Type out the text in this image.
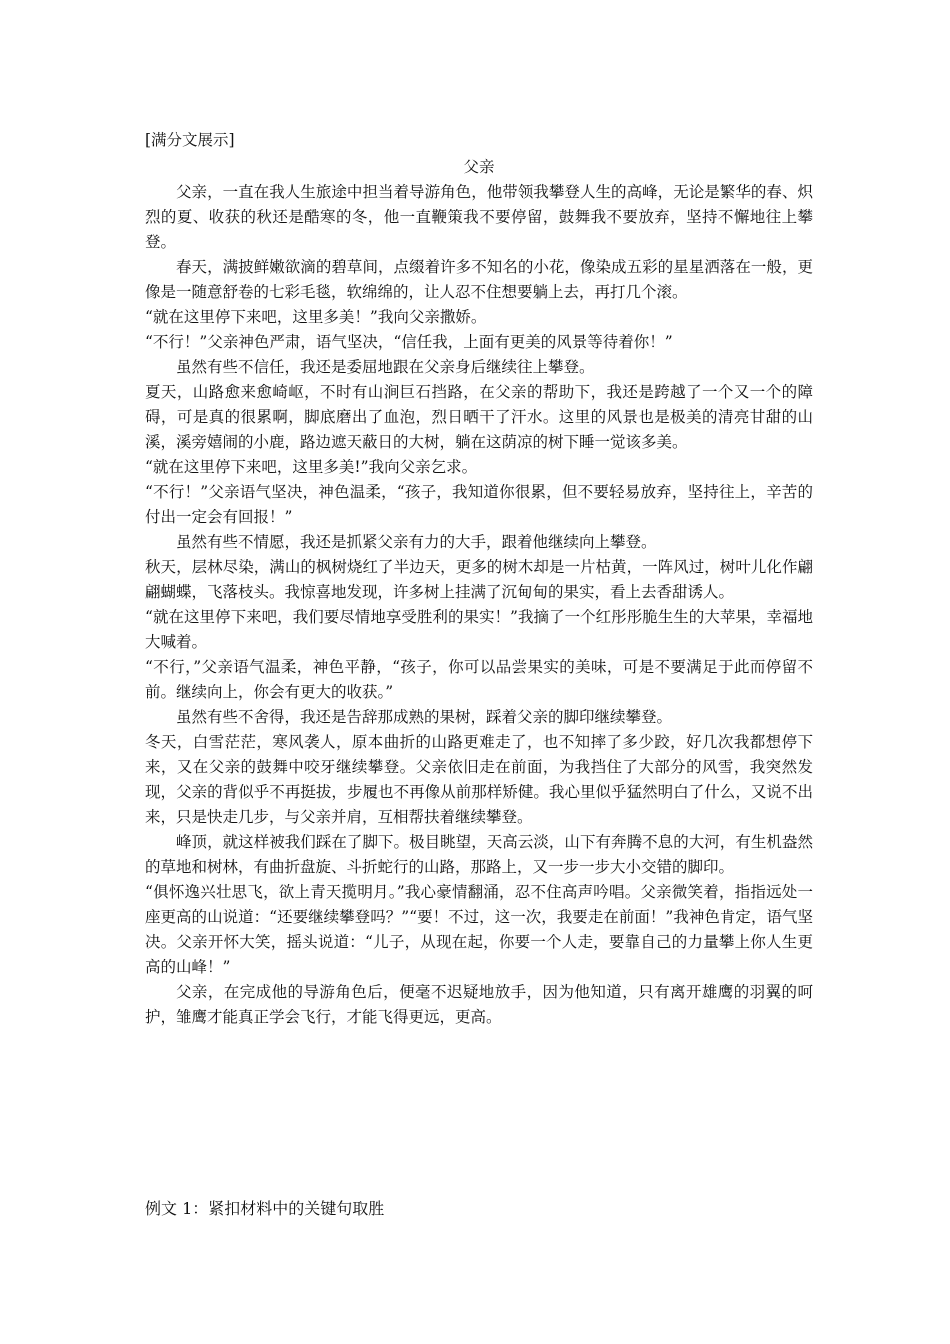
[满分文展示]
父亲

父亲，一直在我人生旅途中担当着导游角色，他带领我攀登人生的高峰，无论是繁华的春、炽烈的夏、收获的秋还是酷寒的冬，他一直鞭策我不要停留，鼓舞我不要放弃，坚持不懈地往上攀登。

春天，满披鲜嫩欲滴的碧草间，点缀着许多不知名的小花，像染成五彩的星星洒落在一般，更像是一随意舒卷的七彩毛毯，软绵绵的，让人忍不住想要躺上去，再打几个滚。

“就在这里停下来吧，这里多美！”我向父亲撒娇。

“不行！”父亲神色严肃，语气坚决，“信任我，上面有更美的风景等待着你！”

虽然有些不信任，我还是委屈地跟在父亲身后继续往上攀登。

夏天，山路愈来愈崎岖，不时有山涧巨石挡路，在父亲的帮助下，我还是跨越了一个又一个的障碍，可是真的很累啊，脚底磨出了血泡，烈日晒干了汗水。这里的风景也是极美的清亮甘甜的山溪，溪旁嬉闹的小鹿，路边遮天蔽日的大树，躺在这荫凉的树下睡一觉该多美。

“就在这里停下来吧，这里多美!”我向父亲乞求。

“不行！”父亲语气坚决，神色温柔，“孩子，我知道你很累，但不要轻易放弃，坚持往上，辛苦的付出一定会有回报！”

虽然有些不情愿，我还是抓紧父亲有力的大手，跟着他继续向上攀登。

秋天，层林尽染，满山的枫树烧红了半边天，更多的树木却是一片枯黄，一阵风过，树叶儿化作翩翩蝴蝶，飞落枝头。我惊喜地发现，许多树上挂满了沉甸甸的果实，看上去香甜诱人。

“就在这里停下来吧，我们要尽情地享受胜利的果实！”我摘了一个红彤彤脆生生的大苹果，幸福地大喊着。

“不行，”父亲语气温柔，神色平静，“孩子，你可以品尝果实的美味，可是不要满足于此而停留不前。继续向上，你会有更大的收获。”

虽然有些不舍得，我还是告辞那成熟的果树，踩着父亲的脚印继续攀登。

冬天，白雪茫茫，寒风袭人，原本曲折的山路更难走了，也不知摔了多少跤，好几次我都想停下来，又在父亲的鼓舞中咬牙继续攀登。父亲依旧走在前面，为我挡住了大部分的风雪，我突然发现，父亲的背似乎不再挺拔，步履也不再像从前那样矫健。我心里似乎猛然明白了什么，又说不出来，只是快走几步，与父亲并肩，互相帮扶着继续攀登。

峰顶，就这样被我们踩在了脚下。极目眺望，天高云淡，山下有奔腾不息的大河，有生机盎然的草地和树林，有曲折盘旋、斗折蛇行的山路，那路上，又一步一步大小交错的脚印。

“俱怀逸兴壮思飞，欲上青天揽明月。”我心豪情翻涌，忍不住高声吟唱。父亲微笑着，指指远处一座更高的山说道：“还要继续攀登吗？”“要！不过，这一次，我要走在前面！”我神色肯定，语气坚决。父亲开怀大笑，摇头说道：“儿子，从现在起，你要一个人走，要靠自己的力量攀上你人生更高的山峰！”

父亲，在完成他的导游角色后，便毫不迟疑地放手，因为他知道，只有离开雄鹰的羽翼的呵护，雏鹰才能真正学会飞行，才能飞得更远，更高。

例文 1：紧扣材料中的关键句取胜
